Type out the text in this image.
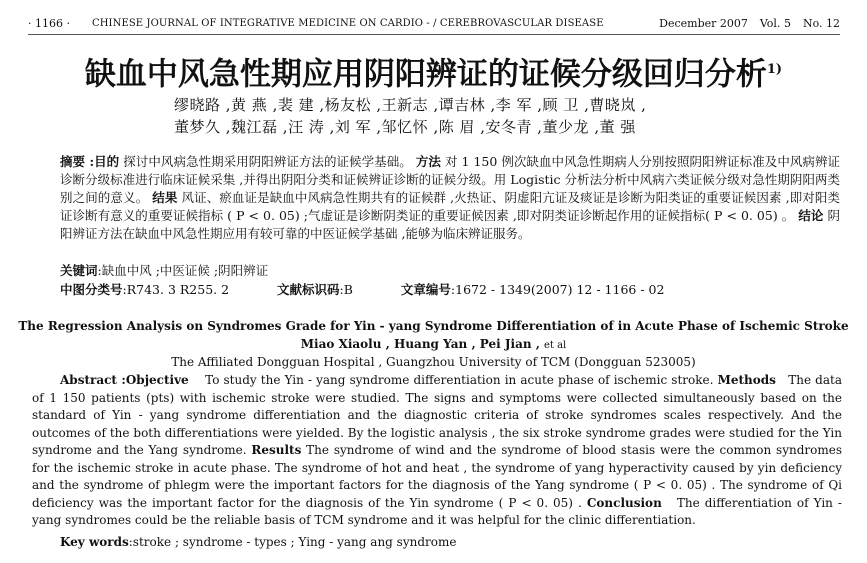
· 1166 · CHINESE JOURNAL OF INTEGRATIVE MEDICINE ON CARDIO - / CEREBROVASCULAR DISEASE	December 2007 Vol. 5 No. 12
缺血中风急性期应用阴阳辨证的证候分级回归分析$^{1)}$
缪晓路 ,黄 燕 ,裴 建 ,杨友松 ,王新志 ,谭吉林 ,李 军 ,顾 卫 ,曹晓岚 ,
董梦久 ,魏江磊 ,汪 涛 ,刘 军 ,邹忆怀 ,陈 眉 ,安冬青 ,董少龙 ,董 强
摘要 :目的 探讨中风病急性期采用阴阳辨证方法的证候学基础。 方法 对 1 150 例次缺血中风急性期病人分别按照阴阳辨证标准及中风病辨证诊断分级标准进行临床证候采集 ,并得出阴阳分类和证候辨证诊断的证候分级。用 Logistic 分析法分析中风病六类证候分级对急性期阴阳两类别之间的意义。 结果 风证、瘀血证是缺血中风病急性期共有的证候群 ,火热证、阴虚阳亢证及痰证是诊断为阳类证的重要证候因素 ,即对阳类证诊断有意义的重要证候指标 ( P < 0. 05) ;气虚证是诊断阴类证的重要证候因素 ,即对阴类证诊断起作用的证候指标( P < 0. 05) 。 结论 阴阳辨证方法在缺血中风急性期应用有较可靠的中医证候学基础 ,能够为临床辨证服务。
关键词:缺血中风 ;中医证候 ;阴阳辨证
中图分类号:R743. 3 R255. 2	文献标识码:B	文章编号:1672 - 1349(2007) 12 - 1166 - 02
The Regression Analysis on Syndromes Grade for Yin - yang Syndrome Differentiation of in Acute Phase of Ischemic Stroke
Miao Xiaolu , Huang Yan , Pei Jian , et al
The Affiliated Dongguan Hospital , Guangzhou University of TCM (Dongguan 523005)
Abstract :Objective To study the Yin - yang syndrome differentiation in acute phase of ischemic stroke. Methods The data of 1 150 patients (pts) with ischemic stroke were studied. The signs and symptoms were collected simultaneously based on the standard of Yin - yang syndrome differentiation and the diagnostic criteria of stroke syndromes scales respectively. And the outcomes of the both differentiations were yielded. By the logistic analysis , the six stroke syndrome grades were studied for the Yin syndrome and the Yang syndrome. Results The syndrome of wind and the syndrome of blood stasis were the common syndromes for the ischemic stroke in acute phase. The syndrome of hot and heat , the syndrome of yang hyperactivity caused by yin deficiency and the syndrome of phlegm were the important factors for the diagnosis of the Yang syndrome ( P < 0. 05) . The syndrome of Qi deficiency was the important factor for the diagnosis of the Yin syndrome ( P < 0. 05) . Conclusion The differentiation of Yin - yang syndromes could be the reliable basis of TCM syndrome and it was helpful for the clinic differentiation.
Key words:stroke ; syndrome - types ; Ying - yang ang syndrome
